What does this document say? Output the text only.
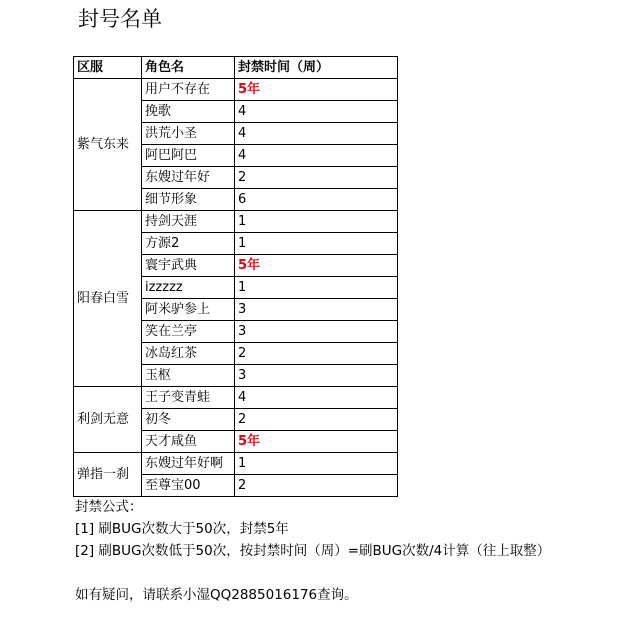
封号名单
区服	角色名	封禁时间（周）
紫气东来	用户不存在	5年
	挽歌	4
	洪荒小圣	4
	阿巴阿巴	4
	东嫂过年好	2
	细节形象	6
阳春白雪	持剑天涯	1
	方源2	1
	寰宇武典	5年
	izzzzz	1
	阿米驴参上	3
	笑在兰亭	3
	冰岛红茶	2
	玉枢	3
利剑无意	王子变青蛙	4
	初冬	2
	天才咸鱼	5年
弹指一刹	东嫂过年好啊	1
	至尊宝00	2
封禁公式：
[1] 刷BUG次数大于50次，封禁5年
[2] 刷BUG次数低于50次，按封禁时间（周）=刷BUG次数/4计算（往上取整）
如有疑问，请联系小湿QQ2885016176查询。
